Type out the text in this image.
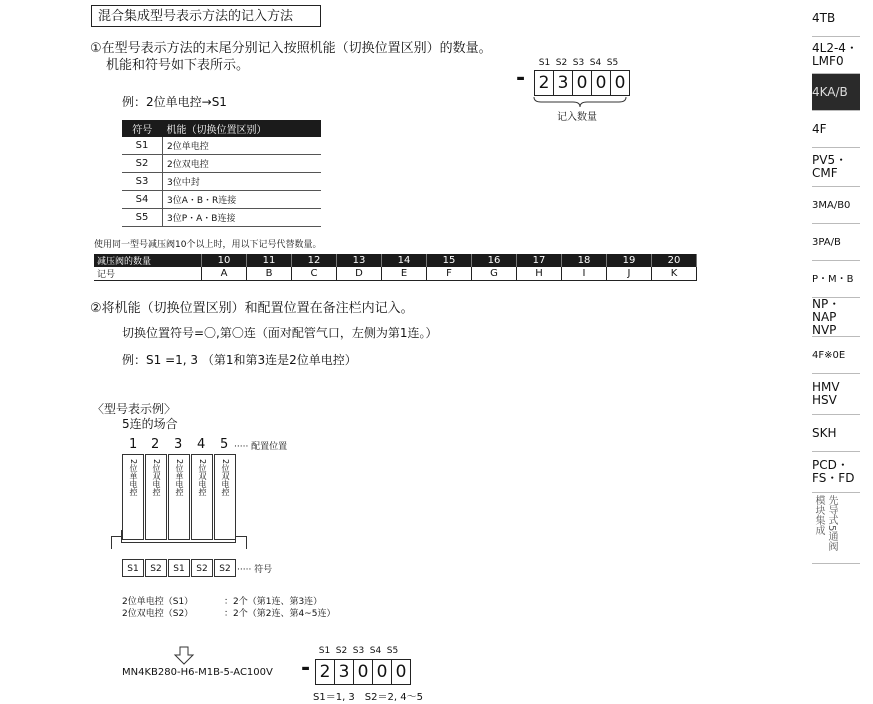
混合集成型号表示方法的记入方法
①在型号表示方法的末尾分别记入按照机能（切换位置区别）的数量。
机能和符号如下表所示。
例：2位单电控→S1
S1 S2 S3 S4 S5
- 2 3 0 0 0
记入数量
符号	机能（切换位置区别）
S1	2位单电控
S2	2位双电控
S3	3位中封
S4	3位A・B・R连接
S5	3位P・A・B连接
使用同一型号减压阀10个以上时，用以下记号代替数量。
减压阀的数量	10	11	12	13	14	15	16	17	18	19	20
记号	A	B	C	D	E	F	G	H	I	J	K
②将机能（切换位置区别）和配置位置在备注栏内记入。
切换位置符号=〇,第〇连（面对配管气口，左侧为第1连。）
例：S1 =1, 3 （第1和第3连是2位单电控）
〈型号表示例〉
5连的场合
1 2 3 4 5 ····· 配置位置
2位单电控	2位双电控	2位单电控	2位双电控	2位双电控
S1	S2	S1	S2	S2 ····· 符号
2位单电控（S1）	：2个（第1连、第3连）
2位双电控（S2）	：2个（第2连、第4~5连）
MN4KB280-H6-M1B-5-AC100V
S1 S2 S3 S4 S5
- 2 3 0 0 0
S1＝1, 3　S2＝2, 4～5
4TB
4L2-4・LMF0
4KA/B
4F
PV5・CMF
3MA/B0
3PA/B
P・M・B
NP・NAP NVP
4F※0E
HMV HSV
SKH
PCD・FS・FD
先导式5通阀模块集成
